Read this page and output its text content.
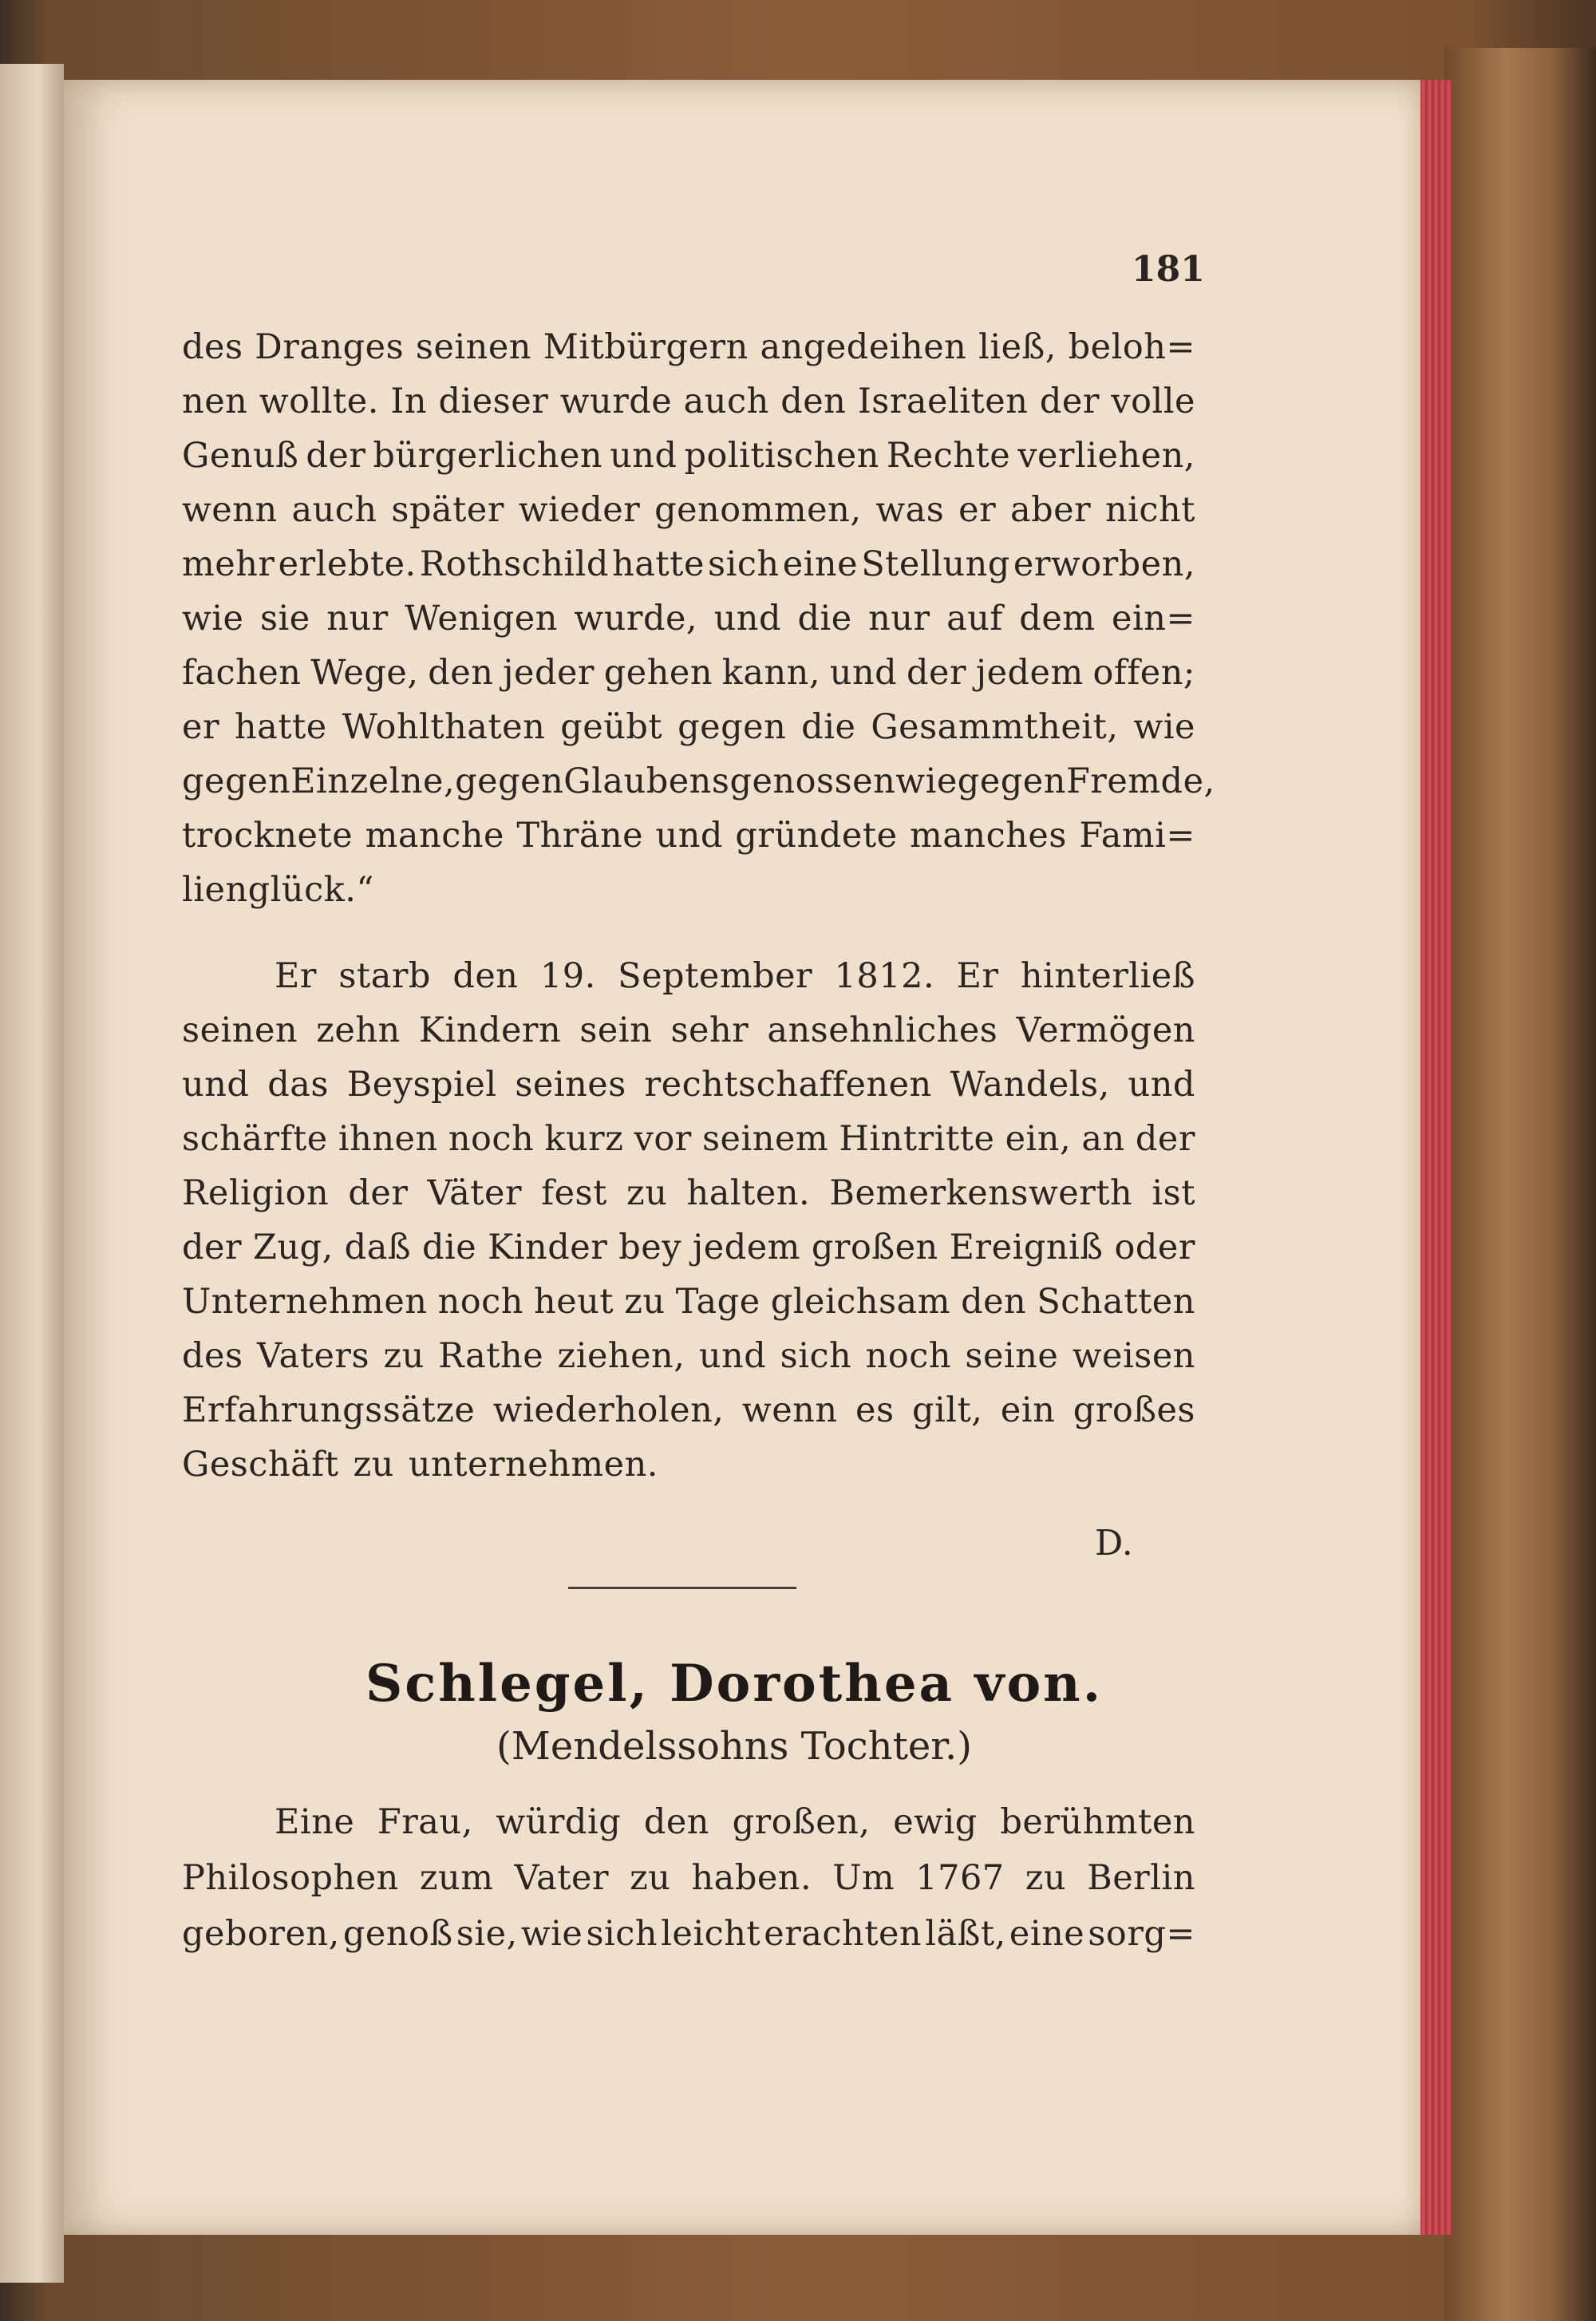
181
des Dranges seinen Mitbürgern angedeihen ließ, beloh=
nen wollte. In dieser wurde auch den Israeliten der volle
Genuß der bürgerlichen und politischen Rechte verliehen,
wenn auch später wieder genommen, was er aber nicht
mehr erlebte. Rothschild hatte sich eine Stellung erworben,
wie sie nur Wenigen wurde, und die nur auf dem ein=
fachen Wege, den jeder gehen kann, und der jedem offen;
er hatte Wohlthaten geübt gegen die Gesammtheit, wie
gegen Einzelne, gegen Glaubensgenossen wie gegen Fremde,
trocknete manche Thräne und gründete manches Fami=
lienglück.“
Er starb den 19. September 1812. Er hinterließ
seinen zehn Kindern sein sehr ansehnliches Vermögen
und das Beyspiel seines rechtschaffenen Wandels, und
schärfte ihnen noch kurz vor seinem Hintritte ein, an der
Religion der Väter fest zu halten. Bemerkenswerth ist
der Zug, daß die Kinder bey jedem großen Ereigniß oder
Unternehmen noch heut zu Tage gleichsam den Schatten
des Vaters zu Rathe ziehen, und sich noch seine weisen
Erfahrungssätze wiederholen, wenn es gilt, ein großes
Geschäft zu unternehmen.
D.
Schlegel, Dorothea von.
(Mendelssohns Tochter.)
Eine Frau, würdig den großen, ewig berühmten
Philosophen zum Vater zu haben. Um 1767 zu Berlin
geboren, genoß sie, wie sich leicht erachten läßt, eine sorg=
